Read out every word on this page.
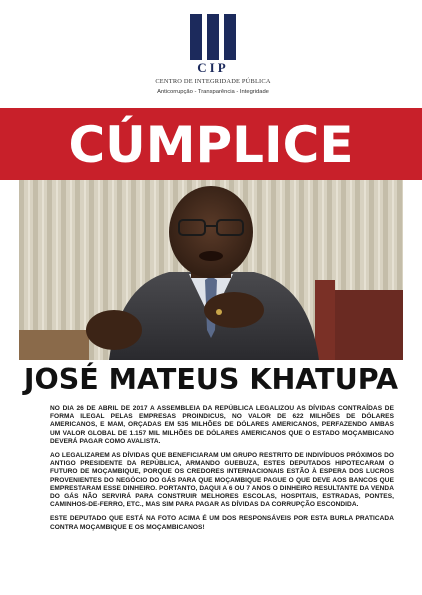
CIP
CENTRO DE INTEGRIDADE PÚBLICA
Anticorrupção - Transparência - Integridade
CÚMPLICE
JOSÉ MATEUS KHATUPA

NO DIA 26 DE ABRIL DE 2017 A ASSEMBLEIA DA REPÚBLICA LEGALIZOU AS DÍVIDAS CONTRAÍDAS DE FORMA ILEGAL PELAS EMPRESAS PROINDICUS, NO VALOR DE 622 MILHÕES DE DÓLARES AMERICANOS, E MAM, ORÇADAS EM 535 MILHÕES DE DÓLARES AMERICANOS, PERFAZENDO AMBAS UM VALOR GLOBAL DE 1.157 MIL MILHÕES DE DÓLARES AMERICANOS QUE O ESTADO MOÇAMBICANO DEVERÁ PAGAR COMO AVALISTA.

AO LEGALIZAREM AS DÍVIDAS QUE BENEFICIARAM UM GRUPO RESTRITO DE INDIVÍDUOS PRÓXIMOS DO ANTIGO PRESIDENTE DA REPÚBLICA, ARMANDO GUEBUZA, ESTES DEPUTADOS HIPOTECARAM O FUTURO DE MOÇAMBIQUE, PORQUE OS CREDORES INTERNACIONAIS ESTÃO À ESPERA DOS LUCROS PROVENIENTES DO NEGÓCIO DO GÁS PARA QUE MOÇAMBIQUE PAGUE O QUE DEVE AOS BANCOS QUE EMPRESTARAM ESSE DINHEIRO. PORTANTO, DAQUI A 6 OU 7 ANOS O DINHEIRO RESULTANTE DA VENDA DO GÁS NÃO SERVIRÁ PARA CONSTRUIR MELHORES ESCOLAS, HOSPITAIS, ESTRADAS, PONTES, CAMINHOS-DE-FERRO, ETC., MAS SIM PARA PAGAR AS DÍVIDAS DA CORRUPÇÃO ESCONDIDA.

ESTE DEPUTADO QUE ESTÁ NA FOTO ACIMA É UM DOS RESPONSÁVEIS POR ESTA BURLA PRATICADA CONTRA MOÇAMBIQUE E OS MOÇAMBICANOS!
